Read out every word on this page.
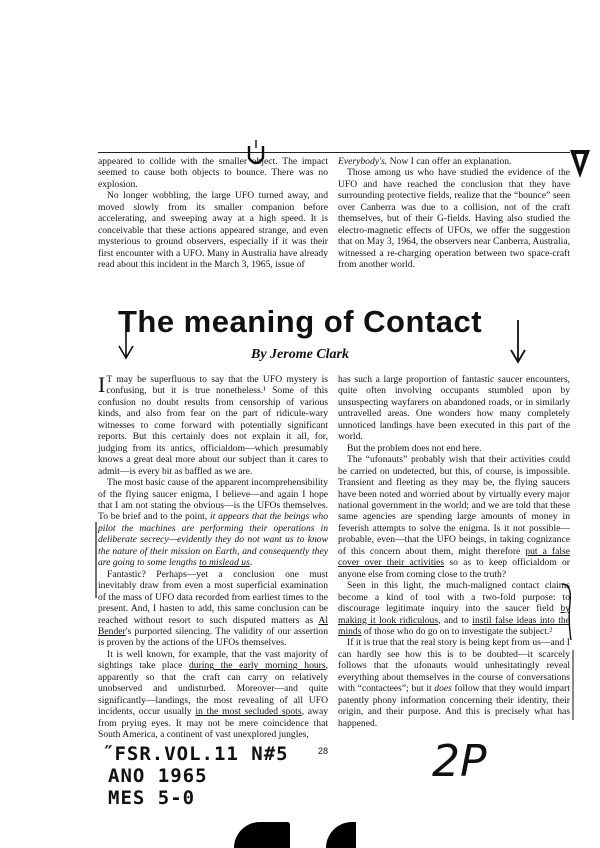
appeared to collide with the smaller object. The impact seemed to cause both objects to bounce. There was no explosion.

No longer wobbling, the large UFO turned away, and moved slowly from its smaller companion before accelerating, and sweeping away at a high speed. It is conceivable that these actions appeared strange, and even mysterious to ground observers, especially if it was their first encounter with a UFO. Many in Australia have already read about this incident in the March 3, 1965, issue of

Everybody's. Now I can offer an explanation.

Those among us who have studied the evidence of the UFO and have reached the conclusion that they have surrounding protective fields, realize that the “bounce” seen over Canberra was due to a collision, not of the craft themselves, but of their G-fields. Having also studied the electro-magnetic effects of UFOs, we offer the suggestion that on May 3, 1964, the observers near Canberra, Australia, witnessed a re-charging operation between two space-craft from another world.

The meaning of Contact
By Jerome Clark

I T may be superfluous to say that the UFO mystery is confusing, but it is true nonetheless.¹ Some of this confusion no doubt results from censorship of various kinds, and also from fear on the part of ridicule-wary witnesses to come forward with potentially significant reports. But this certainly does not explain it all, for, judging from its antics, officialdom—which presumably knows a great deal more about our subject than it cares to admit—is every bit as baffled as we are.

The most basic cause of the apparent incomprehensibility of the flying saucer enigma, I believe—and again I hope that I am not stating the obvious—is the UFOs themselves. To be brief and to the point, it appears that the beings who pilot the machines are performing their operations in deliberate secrecy—evidently they do not want us to know the nature of their mission on Earth, and consequently they are going to some lengths to mislead us.

Fantastic? Perhaps—yet a conclusion one must inevitably draw from even a most superficial examination of the mass of UFO data recorded from earliest times to the present. And, I hasten to add, this same conclusion can be reached without resort to such disputed matters as Al Bender's purported silencing. The validity of our assertion is proven by the actions of the UFOs themselves.

It is well known, for example, that the vast majority of sightings take place during the early morning hours, apparently so that the craft can carry on relatively unobserved and undisturbed. Moreover—and quite significantly—landings, the most revealing of all UFO incidents, occur usually in the most secluded spots, away from prying eyes. It may not be mere coincidence that South America, a continent of vast unexplored jungles,

has such a large proportion of fantastic saucer encounters, quite often involving occupants stumbled upon by unsuspecting wayfarers on abandoned roads, or in similarly untravelled areas. One wonders how many completely unnoticed landings have been executed in this part of the world.

But the problem does not end here.

The “ufonauts” probably wish that their activities could be carried on undetected, but this, of course, is impossible. Transient and fleeting as they may be, the flying saucers have been noted and worried about by virtually every major national government in the world; and we are told that these same agencies are spending large amounts of money in feverish attempts to solve the enigma. Is it not possible—probable, even—that the UFO beings, in taking cognizance of this concern about them, might therefore put a false cover over their activities so as to keep officialdom or anyone else from coming close to the truth?

Seen in this light, the much-maligned contact claims become a kind of tool with a two-fold purpose: to discourage legitimate inquiry into the saucer field by making it look ridiculous, and to instil false ideas into the minds of those who do go on to investigate the subject.²

If it is true that the real story is being kept from us—and I can hardly see how this is to be doubted—it scarcely follows that the ufonauts would unhesitatingly reveal everything about themselves in the course of conversations with “contactees”; but it does follow that they would impart patently phony information concerning their identity, their origin, and their purpose. And this is precisely what has happened.

28
˝FSR.VOL.11 N#5
ANO 1965
MES 5-0
2P
